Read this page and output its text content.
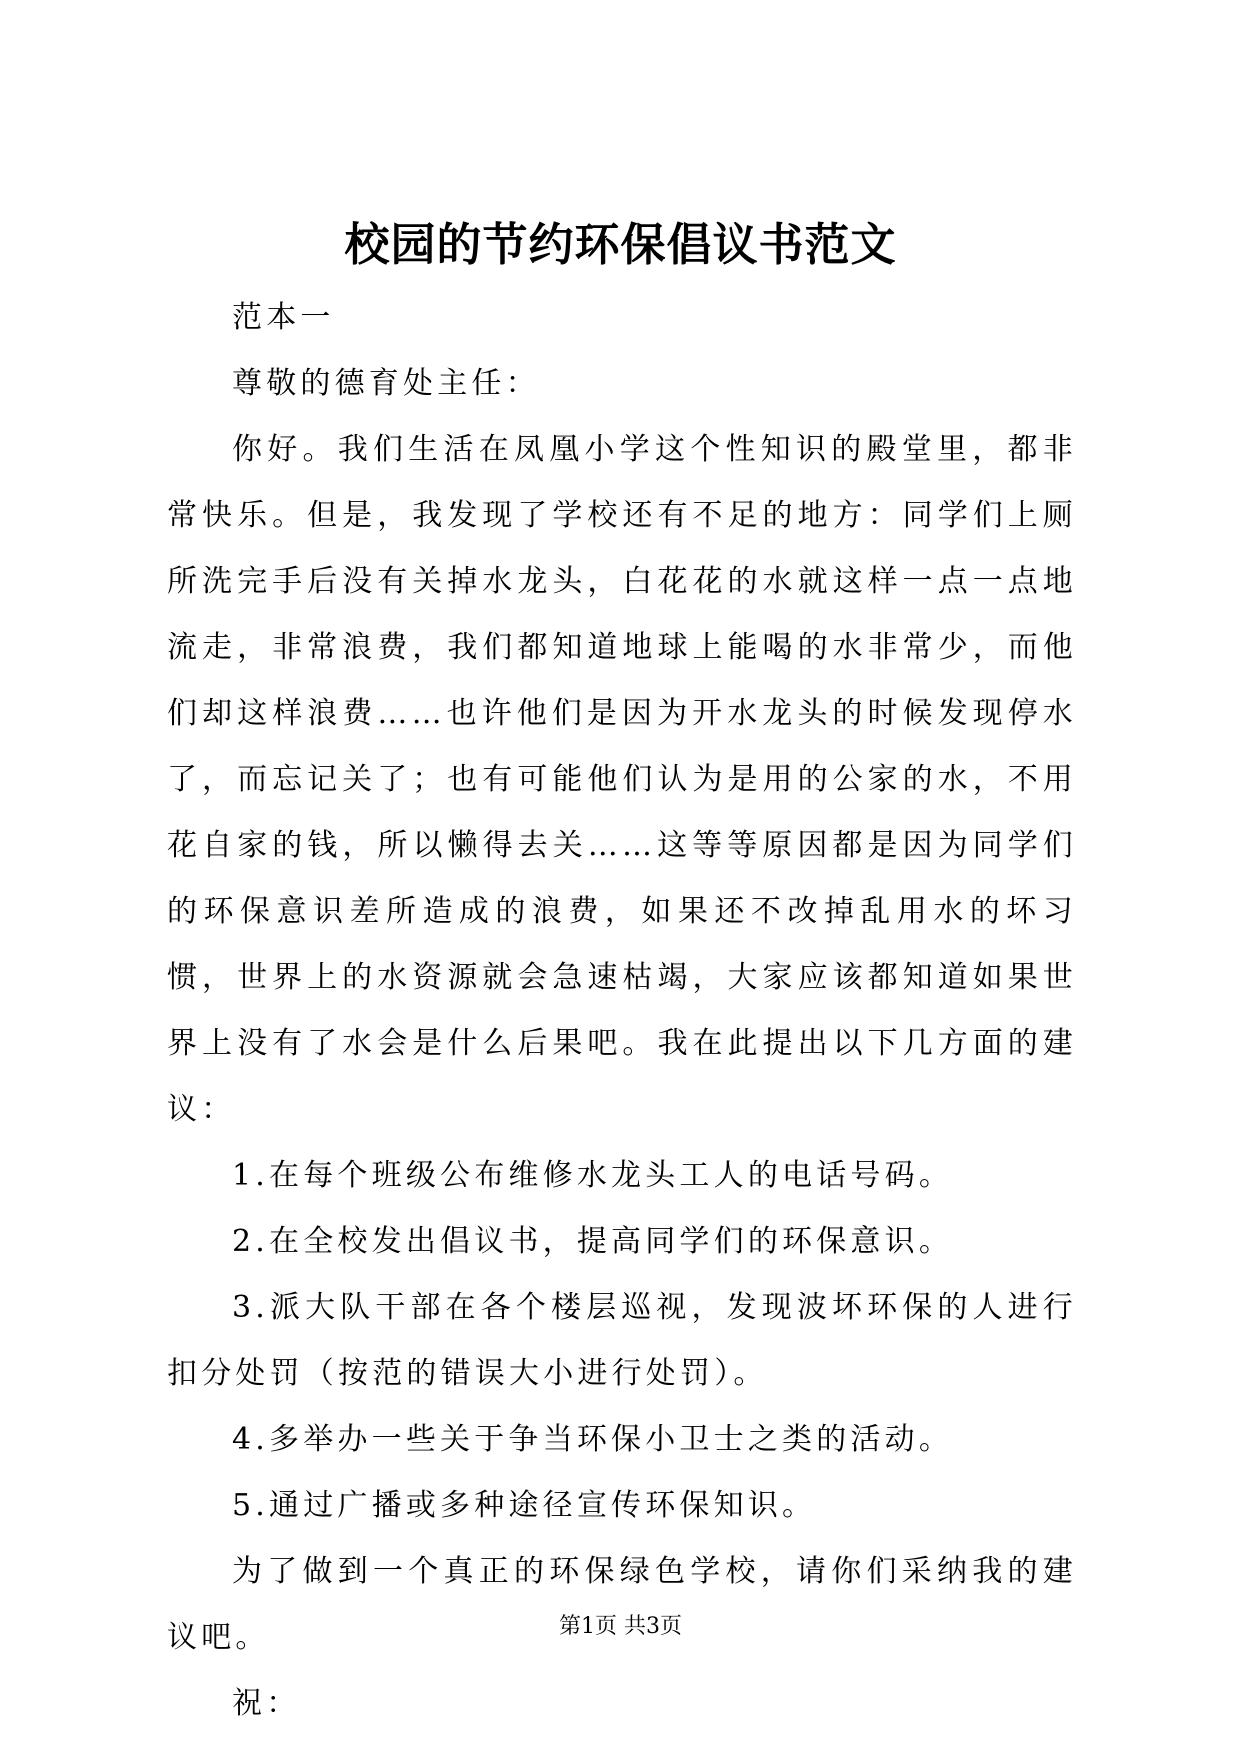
校园的节约环保倡议书范文

范本一

尊敬的德育处主任：

你好。我们生活在凤凰小学这个性知识的殿堂里，都非常快乐。但是，我发现了学校还有不足的地方：同学们上厕所洗完手后没有关掉水龙头，白花花的水就这样一点一点地流走，非常浪费，我们都知道地球上能喝的水非常少，而他们却这样浪费……也许他们是因为开水龙头的时候发现停水了，而忘记关了；也有可能他们认为是用的公家的水，不用花自家的钱，所以懒得去关……这等等原因都是因为同学们的环保意识差所造成的浪费，如果还不改掉乱用水的坏习惯，世界上的水资源就会急速枯竭，大家应该都知道如果世界上没有了水会是什么后果吧。我在此提出以下几方面的建议：

1.在每个班级公布维修水龙头工人的电话号码。

2.在全校发出倡议书，提高同学们的环保意识。

3.派大队干部在各个楼层巡视，发现波坏环保的人进行扣分处罚（按范的错误大小进行处罚）。

4.多举办一些关于争当环保小卫士之类的活动。

5.通过广播或多种途径宣传环保知识。

为了做到一个真正的环保绿色学校，请你们采纳我的建议吧。

祝：

第1页 共3页
